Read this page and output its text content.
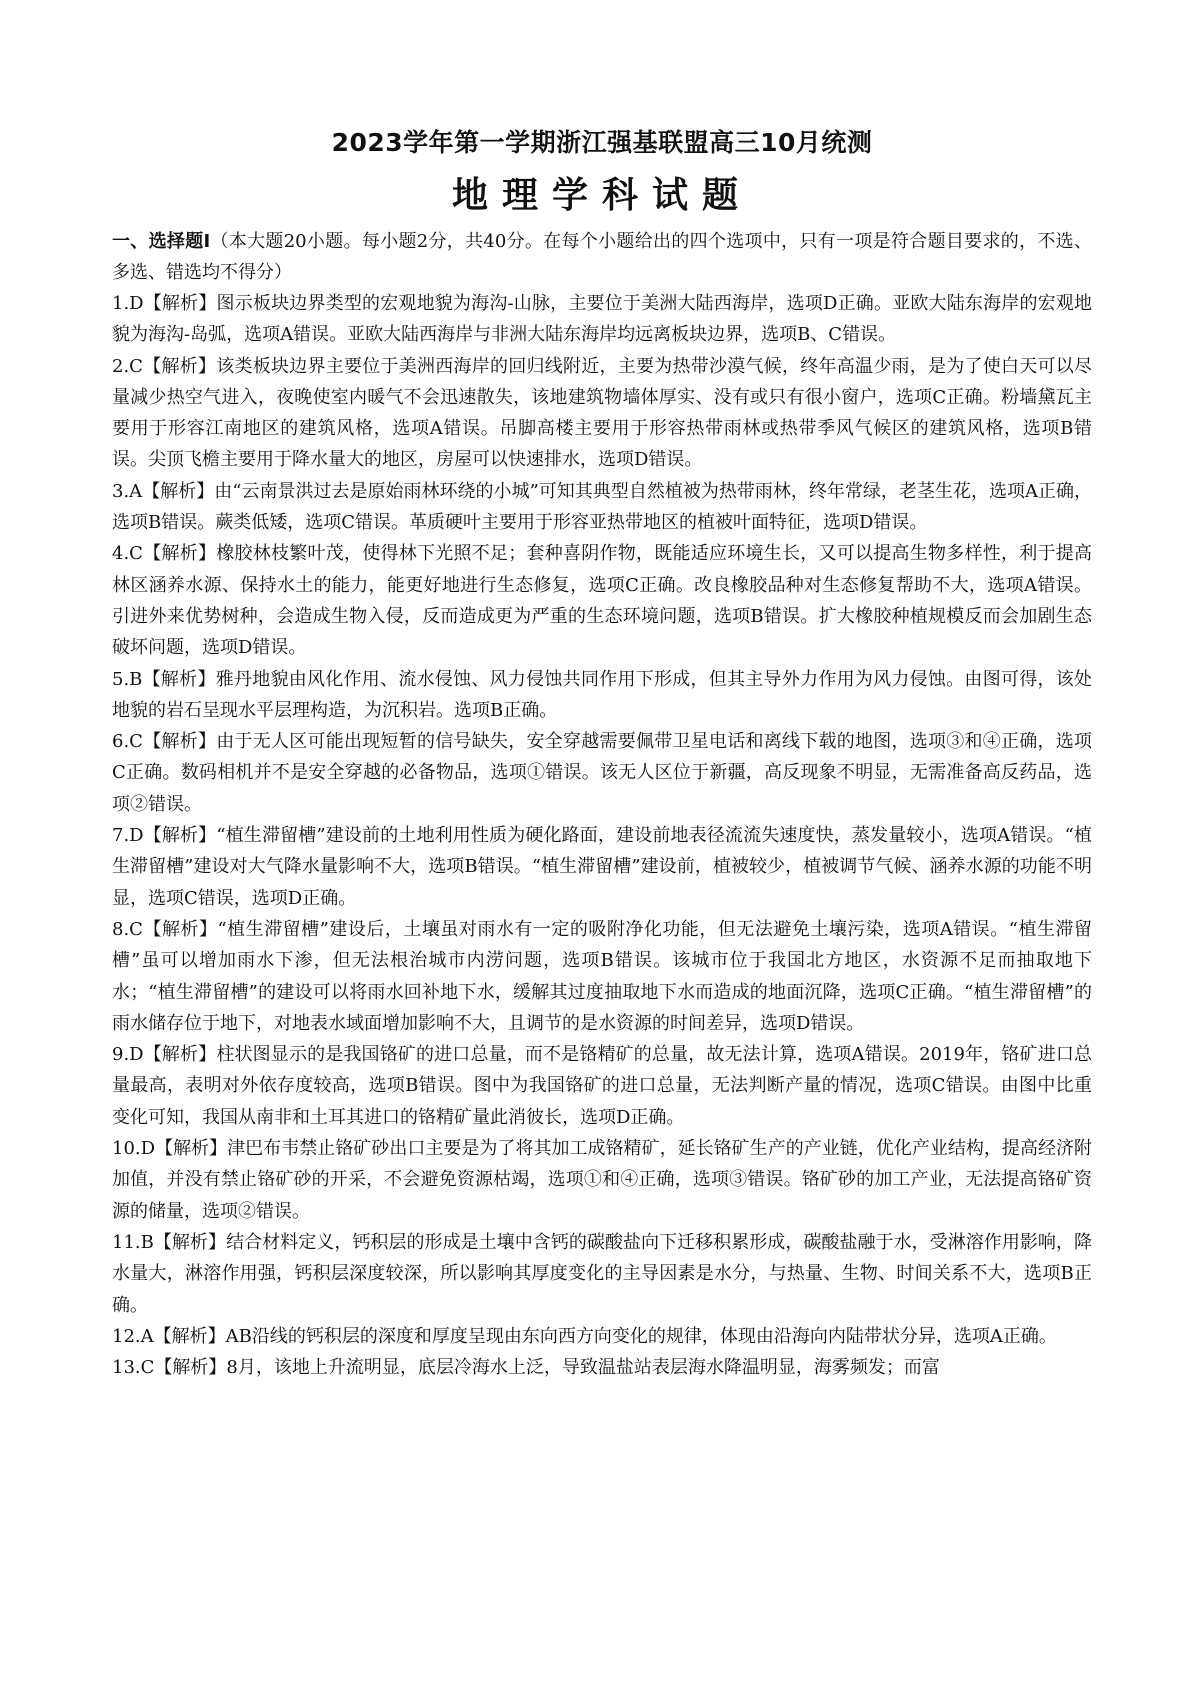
2023学年第一学期浙江强基联盟高三10月统测
地理学科试题

一、选择题Ⅰ（本大题20小题。每小题2分，共40分。在每个小题给出的四个选项中，只有一项是符合题目要求的，不选、多选、错选均不得分）

1.D【解析】图示板块边界类型的宏观地貌为海沟-山脉，主要位于美洲大陆西海岸，选项D正确。亚欧大陆东海岸的宏观地貌为海沟-岛弧，选项A错误。亚欧大陆西海岸与非洲大陆东海岸均远离板块边界，选项B、C错误。

2.C【解析】该类板块边界主要位于美洲西海岸的回归线附近，主要为热带沙漠气候，终年高温少雨，是为了使白天可以尽量减少热空气进入，夜晚使室内暖气不会迅速散失，该地建筑物墙体厚实、没有或只有很小窗户，选项C正确。粉墙黛瓦主要用于形容江南地区的建筑风格，选项A错误。吊脚高楼主要用于形容热带雨林或热带季风气候区的建筑风格，选项B错误。尖顶飞檐主要用于降水量大的地区，房屋可以快速排水，选项D错误。

3.A【解析】由“云南景洪过去是原始雨林环绕的小城”可知其典型自然植被为热带雨林，终年常绿，老茎生花，选项A正确，选项B错误。蕨类低矮，选项C错误。革质硬叶主要用于形容亚热带地区的植被叶面特征，选项D错误。

4.C【解析】橡胶林枝繁叶茂，使得林下光照不足；套种喜阴作物，既能适应环境生长，又可以提高生物多样性，利于提高林区涵养水源、保持水土的能力，能更好地进行生态修复，选项C正确。改良橡胶品种对生态修复帮助不大，选项A错误。引进外来优势树种，会造成生物入侵，反而造成更为严重的生态环境问题，选项B错误。扩大橡胶种植规模反而会加剧生态破坏问题，选项D错误。

5.B【解析】雅丹地貌由风化作用、流水侵蚀、风力侵蚀共同作用下形成，但其主导外力作用为风力侵蚀。由图可得，该处地貌的岩石呈现水平层理构造，为沉积岩。选项B正确。

6.C【解析】由于无人区可能出现短暂的信号缺失，安全穿越需要佩带卫星电话和离线下载的地图，选项③和④正确，选项C正确。数码相机并不是安全穿越的必备物品，选项①错误。该无人区位于新疆，高反现象不明显，无需准备高反药品，选项②错误。

7.D【解析】“植生滞留槽”建设前的土地利用性质为硬化路面，建设前地表径流流失速度快，蒸发量较小，选项A错误。“植生滞留槽”建设对大气降水量影响不大，选项B错误。“植生滞留槽”建设前，植被较少，植被调节气候、涵养水源的功能不明显，选项C错误，选项D正确。

8.C【解析】“植生滞留槽”建设后，土壤虽对雨水有一定的吸附净化功能，但无法避免土壤污染，选项A错误。“植生滞留槽”虽可以增加雨水下渗，但无法根治城市内涝问题，选项B错误。该城市位于我国北方地区，水资源不足而抽取地下水；“植生滞留槽”的建设可以将雨水回补地下水，缓解其过度抽取地下水而造成的地面沉降，选项C正确。“植生滞留槽”的雨水储存位于地下，对地表水域面增加影响不大，且调节的是水资源的时间差异，选项D错误。

9.D【解析】柱状图显示的是我国铬矿的进口总量，而不是铬精矿的总量，故无法计算，选项A错误。2019年，铬矿进口总量最高，表明对外依存度较高，选项B错误。图中为我国铬矿的进口总量，无法判断产量的情况，选项C错误。由图中比重变化可知，我国从南非和土耳其进口的铬精矿量此消彼长，选项D正确。

10.D【解析】津巴布韦禁止铬矿砂出口主要是为了将其加工成铬精矿，延长铬矿生产的产业链，优化产业结构，提高经济附加值，并没有禁止铬矿砂的开采，不会避免资源枯竭，选项①和④正确，选项③错误。铬矿砂的加工产业，无法提高铬矿资源的储量，选项②错误。

11.B【解析】结合材料定义，钙积层的形成是土壤中含钙的碳酸盐向下迁移积累形成，碳酸盐融于水，受淋溶作用影响，降水量大，淋溶作用强，钙积层深度较深，所以影响其厚度变化的主导因素是水分，与热量、生物、时间关系不大，选项B正确。

12.A【解析】AB沿线的钙积层的深度和厚度呈现由东向西方向变化的规律，体现由沿海向内陆带状分异，选项A正确。

13.C【解析】8月，该地上升流明显，底层冷海水上泛，导致温盐站表层海水降温明显，海雾频发；而富
